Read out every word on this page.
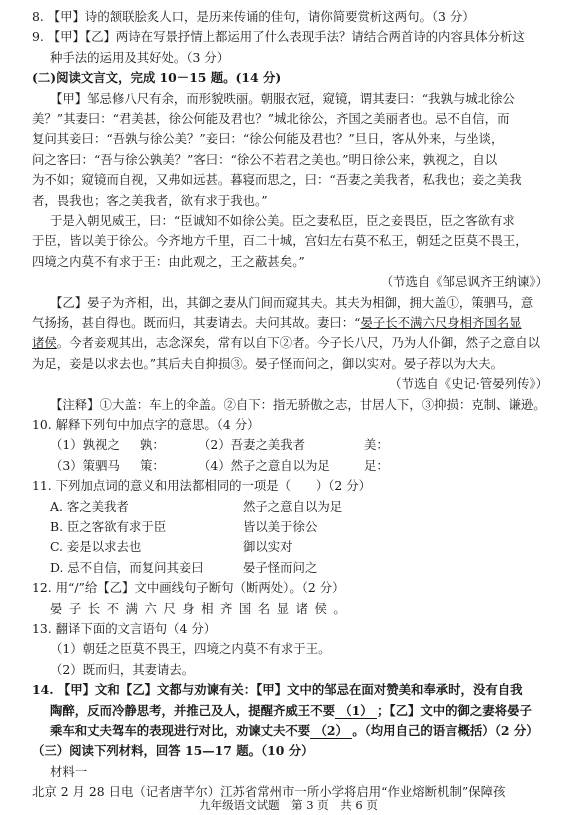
8. 【甲】诗的颔联脍炙人口，是历来传诵的佳句，请你简要赏析这两句。（3 分）
9. 【甲】【乙】两诗在写景抒情上都运用了什么表现手法？请结合两首诗的内容具体分析这
种手法的运用及其好处。（3 分）
(二)阅读文言文，完成 10－15 题。(14 分)
【甲】邹忌修八尺有余，而形貌昳丽。朝服衣冠，窥镜，谓其妻曰：“我孰与城北徐公
美？”其妻曰：“君美甚，徐公何能及君也？”城北徐公，齐国之美丽者也。忌不自信，而
复问其妾曰：“吾孰与徐公美？”妾曰：“徐公何能及君也？”旦日，客从外来，与坐谈，
问之客曰：“吾与徐公孰美？”客曰：“徐公不若君之美也。”明日徐公来，孰视之，自以
为不如；窥镜而自视，又弗如远甚。暮寝而思之，曰：“吾妻之美我者，私我也；妾之美我
者，畏我也；客之美我者，欲有求于我也。”
于是入朝见威王，曰：“臣诚知不如徐公美。臣之妻私臣，臣之妾畏臣，臣之客欲有求
于臣，皆以美于徐公。今齐地方千里，百二十城，宫妇左右莫不私王，朝廷之臣莫不畏王，
四境之内莫不有求于王：由此观之，王之蔽甚矣。”
（节选自《邹忌讽齐王纳谏》）
【乙】晏子为齐相，出，其御之妻从门间而窥其夫。其夫为相御，拥大盖①，策驷马，意
气扬扬，甚自得也。既而归，其妻请去。夫问其故。妻曰：“晏子长不满六尺身相齐国名显
诸侯。今者妾观其出，志念深矣，常有以自下②者。今子长八尺，乃为人仆御，然子之意自以
为足，妾是以求去也。”其后夫自抑损③。晏子怪而问之，御以实对。晏子荐以为大夫。
（节选自《史记·管晏列传》）
【注释】①大盖：车上的伞盖。②自下：指无骄傲之志，甘居人下，③抑损：克制、谦逊。
10. 解释下列句中加点字的意思。（4 分）
（1）孰视之 孰：	（2）吾妻之美我者	美：
（3）策驷马 策：	（4）然子之意自以为足	足：
11. 下列加点词的意义和用法都相同的一项是（　　）（2 分）
A. 客之美我者	然子之意自以为足
B. 臣之客欲有求于臣	皆以美于徐公
C. 妾是以求去也	御以实对
D. 忌不自信，而复问其妾曰	晏子怪而问之
12. 用“/”给【乙】文中画线句子断句（断两处）。（2 分）
晏子长不满六尺身相齐国名显诸侯。
13. 翻译下面的文言语句（4 分）
（1）朝廷之臣莫不畏王，四境之内莫不有求于王。
（2）既而归，其妻请去。
14. 【甲】文和【乙】文都与劝谏有关：【甲】文中的邹忌在面对赞美和奉承时，没有自我
陶醉，反而冷静思考，并推己及人，提醒齐威王不要 （1） ；【乙】文中的御之妻将晏子
乘车和丈夫驾车的表现进行对比，劝谏丈夫不要 （2） 。（均用自己的语言概括）（2 分）
（三）阅读下列材料，回答 15—17 题。（10 分）
材料一
北京 2 月 28 日电（记者唐芊尔）江苏省常州市一所小学将启用“作业熔断机制”保障孩
九年级语文试题　第 3 页　共 6 页
